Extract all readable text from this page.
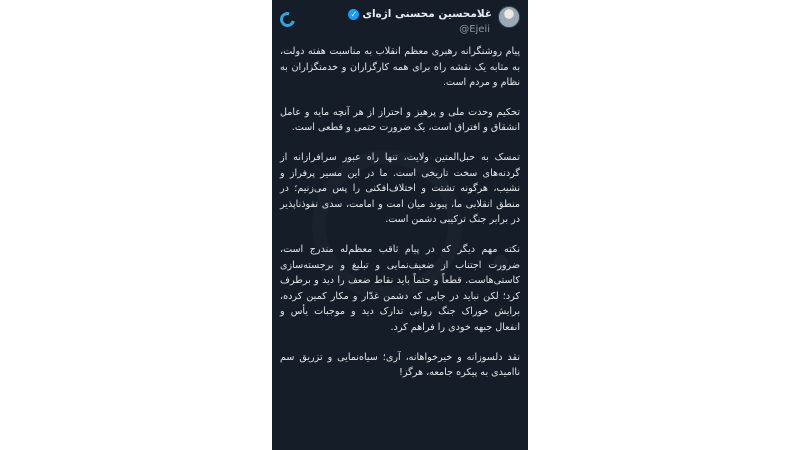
✓ غلامحسین محسنی اژه‌ای
@Ejeii

پیام روشنگرانه رهبری معظم انقلاب به مناسبت هفته دولت، به مثابه یک نقشه راه برای همه کارگزاران و خدمتگزاران به نظام و مردم است.

تحکیم وحدت ملی و پرهیز و احتراز از هر آنچه مایه و عامل انشقاق و افتراق است، یک ضرورت حتمی و قطعی است.

تمسک به حبل‌المتین ولایت، تنها راه عبور سرافرازانه از گردنه‌های سخت تاریخی است. ما در این مسیر پرفراز و نشیب، هرگونه تشتت و اختلاف‌افکنی را پس می‌زنیم؛ در منطق انقلابی ما، پیوند میان امت و امامت، سدی نفوذناپذیر در برابر جنگ ترکیبی دشمن است.

نکته مهم دیگر که در پیام ثاقب معظم‌له مندرج است، ضرورت اجتناب از ضعیف‌نمایی و تبلیغ و برجسته‌سازی کاستی‌هاست. قطعاً و حتماً باید نقاط ضعف را دید و برطرف کرد؛ لکن نباید در جایی که دشمن غدّار و مکار کمین کرده، برایش خوراک جنگ روانی تدارک دید و موجبات یأس و انفعال جبهه خودی را فراهم کرد.

نقد دلسوزانه و خیرخواهانه، آری؛ سیاه‌نمایی و تزریق سم ناامیدی به پیکره جامعه، هرگز!
